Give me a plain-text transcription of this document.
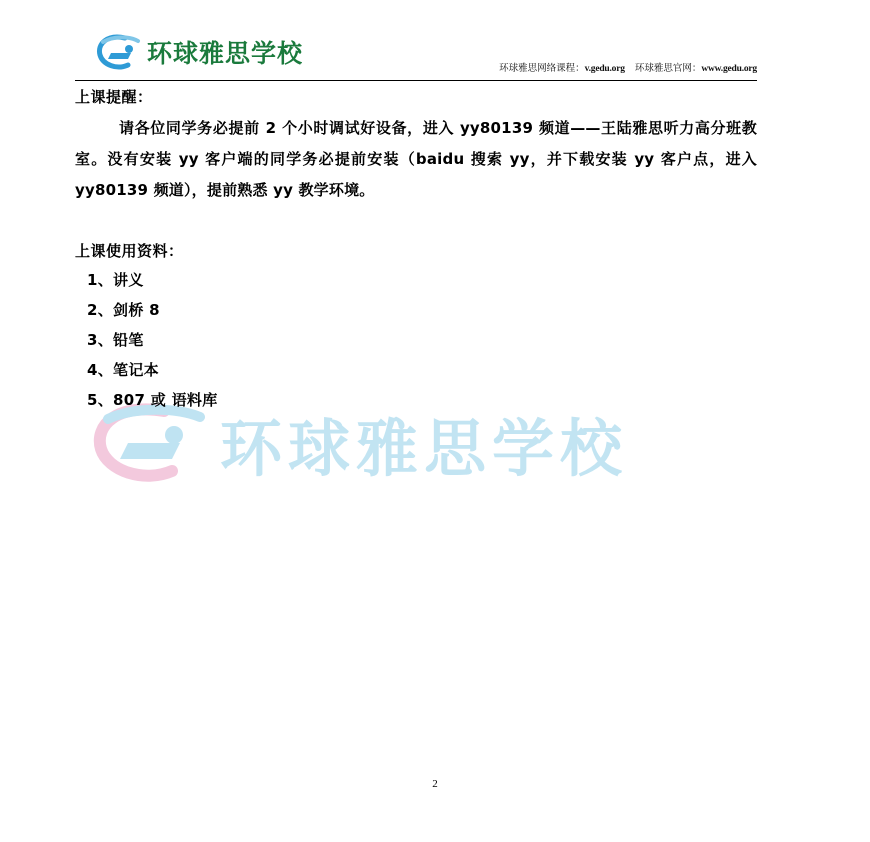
环球雅思学校
环球雅思网络课程：v.gedu.org 环球雅思官网：www.gedu.org
环球雅思学校

上课提醒：

请各位同学务必提前 2 个小时调试好设备，进入 yy80139 频道——王陆雅思听力高分班教室。没有安装 yy 客户端的同学务必提前安装（baidu 搜索 yy，并下载安装 yy 客户点，进入 yy80139 频道），提前熟悉 yy 教学环境。

上课使用资料：

1、讲义
2、剑桥 8
3、铅笔
4、笔记本
5、807 或 语料库
2
